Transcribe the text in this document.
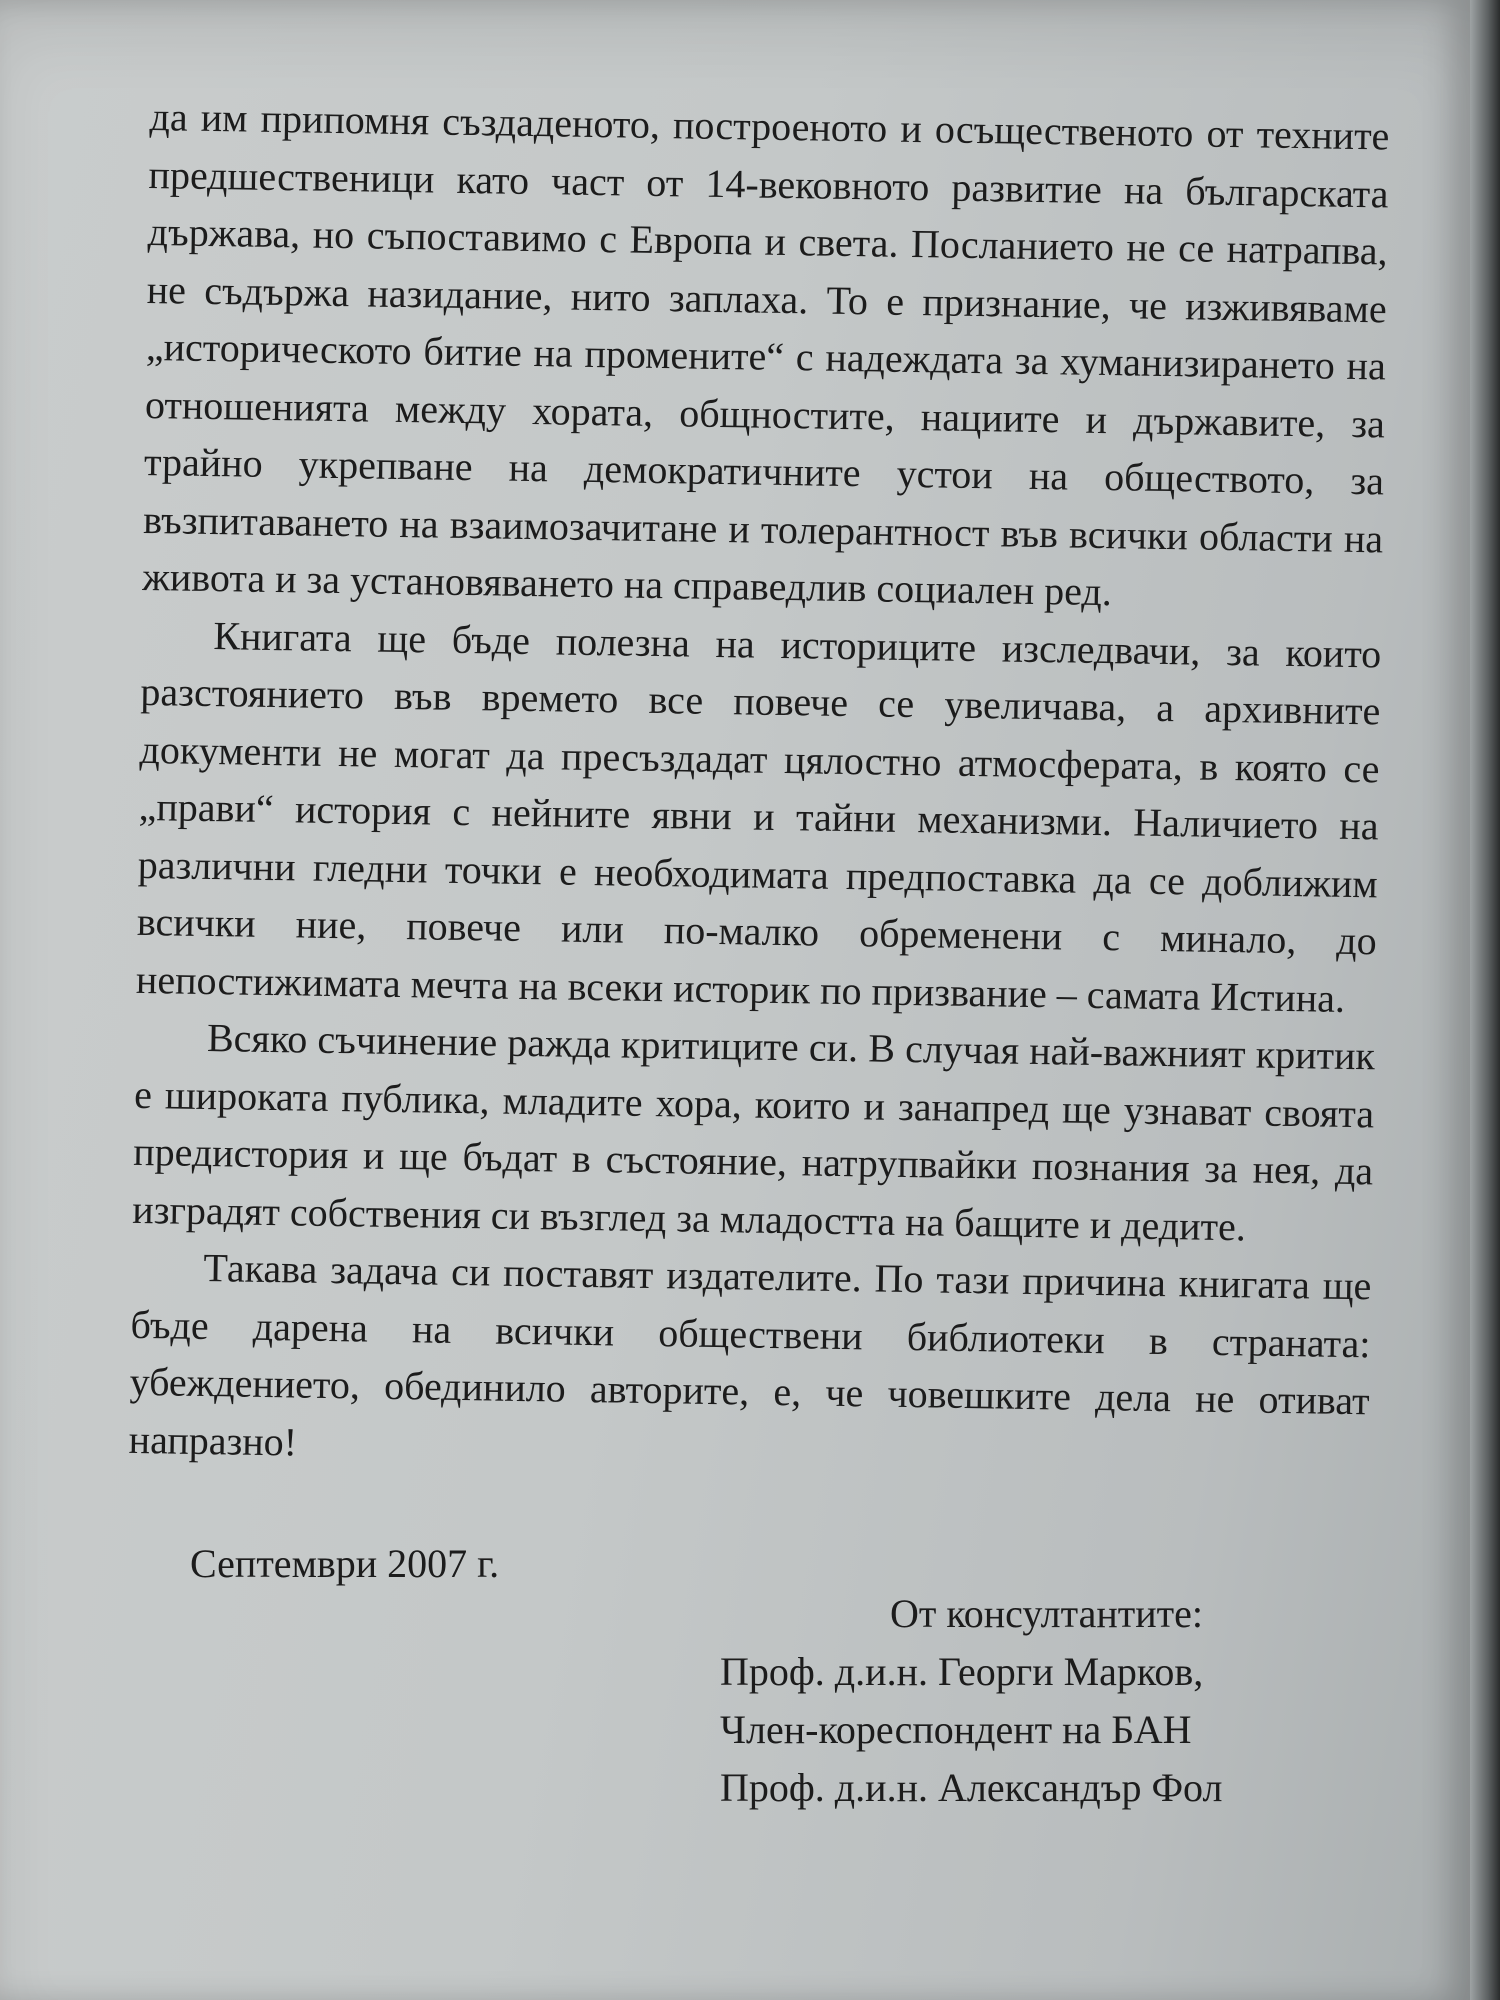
да им припомня създаденото, построеното и осъщественото от техните предшественици като част от 14-вековното развитие на българската държава, но съпоставимо с Европа и света. Посланието не се натрапва, не съдържа назидание, нито заплаха. То е признание, че изживяваме „историческото битие на промените“ с надеждата за хуманизирането на отношенията между хората, общностите, нациите и държавите, за трайно укрепване на демократичните устои на обществото, за възпитаването на взаимозачитане и толерантност във всички области на живота и за установяването на справедлив социален ред.

Книгата ще бъде полезна на историците изследвачи, за които разстоянието във времето все повече се увеличава, а архивните документи не могат да пресъздадат цялостно атмосферата, в която се „прави“ история с нейните явни и тайни механизми. Наличието на различни гледни точки е необходимата предпоставка да се доближим всички ние, повече или по-малко обременени с минало, до непостижимата мечта на всеки историк по призвание – самата Истина.

Всяко съчинение ражда критиците си. В случая най-важният критик е широката публика, младите хора, които и занапред ще узнават своята предистория и ще бъдат в състояние, натрупвайки познания за нея, да изградят собствения си възглед за младостта на бащите и дедите.

Такава задача си поставят издателите. По тази причина книгата ще бъде дарена на всички обществени библиотеки в страната: убеждението, обединило авторите, е, че човешките дела не отиват напразно!

Септември 2007 г.
От консултантите:
Проф. д.и.н. Георги Марков,
Член-кореспондент на БАН
Проф. д.и.н. Александър Фол
